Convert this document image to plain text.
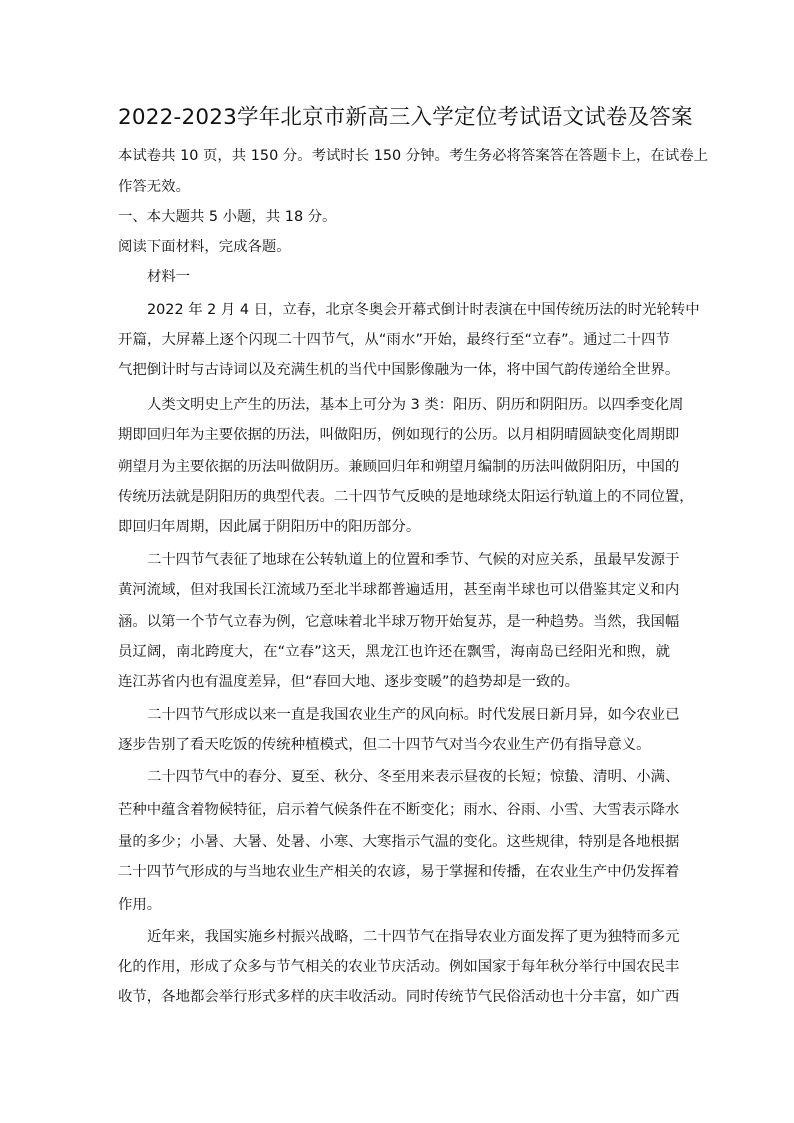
2022-2023学年北京市新高三入学定位考试语文试卷及答案
本试卷共 10 页，共 150 分。考试时长 150 分钟。考生务必将答案答在答题卡上，在试卷上
作答无效。
一、本大题共 5 小题，共 18 分。
阅读下面材料，完成各题。
材料一
2022 年 2 月 4 日，立春，北京冬奥会开幕式倒计时表演在中国传统历法的时光轮转中
开篇，大屏幕上逐个闪现二十四节气，从“雨水”开始，最终行至“立春”。通过二十四节
气把倒计时与古诗词以及充满生机的当代中国影像融为一体，将中国气韵传递给全世界。
人类文明史上产生的历法，基本上可分为 3 类：阳历、阴历和阴阳历。以四季变化周
期即回归年为主要依据的历法，叫做阳历，例如现行的公历。以月相阴晴圆缺变化周期即
朔望月为主要依据的历法叫做阴历。兼顾回归年和朔望月编制的历法叫做阴阳历，中国的
传统历法就是阴阳历的典型代表。二十四节气反映的是地球绕太阳运行轨道上的不同位置，
即回归年周期，因此属于阴阳历中的阳历部分。
二十四节气表征了地球在公转轨道上的位置和季节、气候的对应关系，虽最早发源于
黄河流域，但对我国长江流域乃至北半球都普遍适用，甚至南半球也可以借鉴其定义和内
涵。以第一个节气立春为例，它意味着北半球万物开始复苏，是一种趋势。当然，我国幅
员辽阔，南北跨度大，在“立春”这天，黑龙江也许还在飘雪，海南岛已经阳光和煦，就
连江苏省内也有温度差异，但“春回大地、逐步变暖”的趋势却是一致的。
二十四节气形成以来一直是我国农业生产的风向标。时代发展日新月异，如今农业已
逐步告别了看天吃饭的传统种植模式，但二十四节气对当今农业生产仍有指导意义。
二十四节气中的春分、夏至、秋分、冬至用来表示昼夜的长短；惊蛰、清明、小满、
芒种中蕴含着物候特征，启示着气候条件在不断变化；雨水、谷雨、小雪、大雪表示降水
量的多少；小暑、大暑、处暑、小寒、大寒指示气温的变化。这些规律，特别是各地根据
二十四节气形成的与当地农业生产相关的农谚，易于掌握和传播，在农业生产中仍发挥着
作用。
近年来，我国实施乡村振兴战略，二十四节气在指导农业方面发挥了更为独特而多元
化的作用，形成了众多与节气相关的农业节庆活动。例如国家于每年秋分举行中国农民丰
收节，各地都会举行形式多样的庆丰收活动。同时传统节气民俗活动也十分丰富，如广西
